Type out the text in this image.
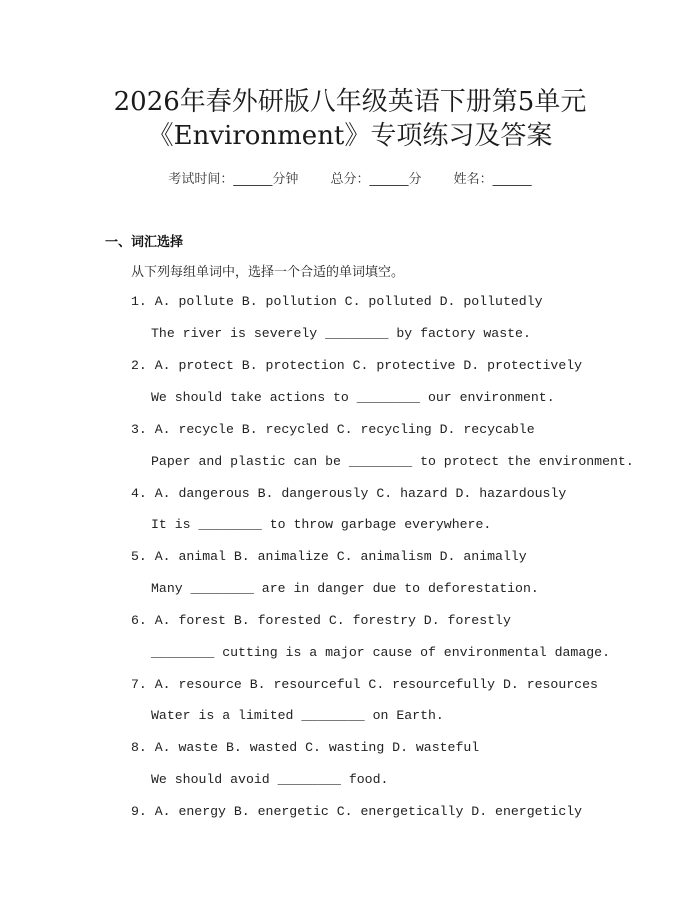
2026年春外研版八年级英语下册第5单元
《Environment》专项练习及答案
考试时间：______分钟 总分：______分 姓名：______
一、词汇选择
从下列每组单词中，选择一个合适的单词填空。
1. A. pollute B. pollution C. polluted D. pollutedly
The river is severely ________ by factory waste.
2. A. protect B. protection C. protective D. protectively
We should take actions to ________ our environment.
3. A. recycle B. recycled C. recycling D. recycable
Paper and plastic can be ________ to protect the environment.
4. A. dangerous B. dangerously C. hazard D. hazardously
It is ________ to throw garbage everywhere.
5. A. animal B. animalize C. animalism D. animally
Many ________ are in danger due to deforestation.
6. A. forest B. forested C. forestry D. forestly
________ cutting is a major cause of environmental damage.
7. A. resource B. resourceful C. resourcefully D. resources
Water is a limited ________ on Earth.
8. A. waste B. wasted C. wasting D. wasteful
We should avoid ________ food.
9. A. energy B. energetic C. energetically D. energeticly
